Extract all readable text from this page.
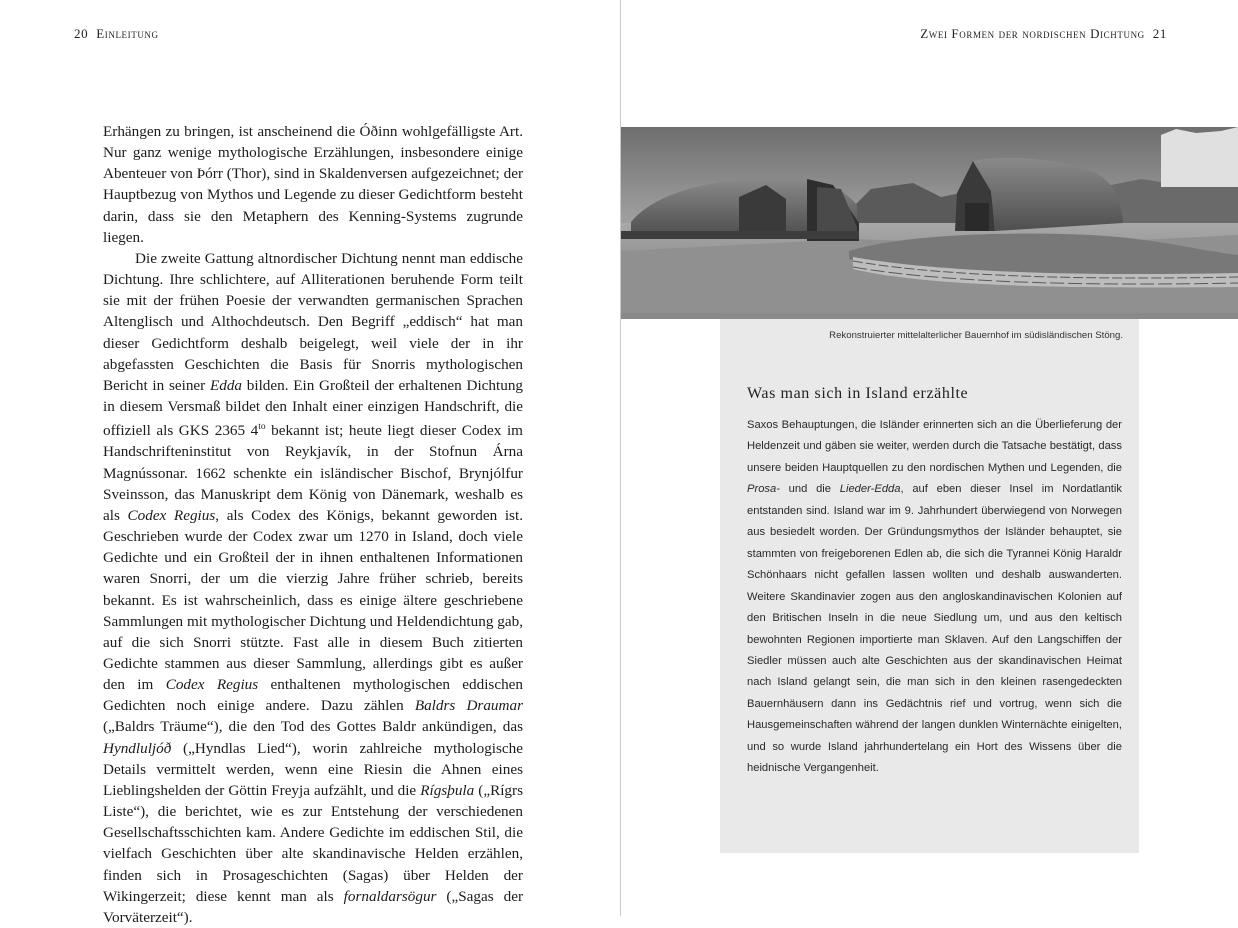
20 Einleitung

Erhängen zu bringen, ist anscheinend die Óðinn wohlgefälligste Art. Nur ganz wenige mythologische Erzählungen, insbesondere einige Abenteuer von Þórr (Thor), sind in Skaldenversen aufgezeichnet; der Hauptbezug von Mythos und Legende zu dieser Gedichtform besteht darin, dass sie den Metaphern des Kenning-Systems zugrunde liegen.

Die zweite Gattung altnordischer Dichtung nennt man eddische Dichtung. Ihre schlichtere, auf Alliterationen beruhende Form teilt sie mit der frühen Poesie der verwandten germanischen Sprachen Altenglisch und Althochdeutsch. Den Begriff „eddisch“ hat man dieser Gedichtform deshalb beigelegt, weil viele der in ihr abgefassten Geschichten die Basis für Snorris mythologischen Bericht in seiner Edda bilden. Ein Großteil der erhaltenen Dichtung in diesem Versmaß bildet den Inhalt einer einzigen Handschrift, die offiziell als GKS 2365 $4^{to}$ bekannt ist; heute liegt dieser Codex im Handschrifteninstitut von Reykjavík, in der Stofnun Árna Magnússonar. 1662 schenkte ein isländischer Bischof, Brynjólfur Sveinsson, das Manuskript dem König von Dänemark, weshalb es als Codex Regius, als Codex des Königs, bekannt geworden ist. Geschrieben wurde der Codex zwar um 1270 in Island, doch viele Gedichte und ein Großteil der in ihnen enthaltenen Informationen waren Snorri, der um die vierzig Jahre früher schrieb, bereits bekannt. Es ist wahrscheinlich, dass es einige ältere geschriebene Sammlungen mit mythologischer Dichtung und Heldendichtung gab, auf die sich Snorri stützte. Fast alle in diesem Buch zitierten Gedichte stammen aus dieser Sammlung, allerdings gibt es außer den im Codex Regius enthaltenen mythologischen eddischen Gedichten noch einige andere. Dazu zählen Baldrs Draumar („Baldrs Träume“), die den Tod des Gottes Baldr ankündigen, das Hyndluljóð („Hyndlas Lied“), worin zahlreiche mythologische Details vermittelt werden, wenn eine Riesin die Ahnen eines Lieblingshelden der Göttin Freyja aufzählt, und die Rígsþula („Rígrs Liste“), die berichtet, wie es zur Entstehung der verschiedenen Gesellschaftsschichten kam. Andere Gedichte im eddischen Stil, die vielfach Geschichten über alte skandinavische Helden erzählen, finden sich in Prosageschichten (Sagas) über Helden der Wikingerzeit; diese kennt man als fornaldarsögur („Sagas der Vorväterzeit“).

Zwei Formen der nordischen Dichtung 21

Rekonstruierter mittelalterlicher Bauernhof im südisländischen Stöng.

Was man sich in Island erzählte

Saxos Behauptungen, die Isländer erinnerten sich an die Überlieferung der Heldenzeit und gäben sie weiter, werden durch die Tatsache bestätigt, dass unsere beiden Hauptquellen zu den nordischen Mythen und Legenden, die Prosa- und die Lieder-Edda, auf eben dieser Insel im Nordatlantik entstanden sind. Island war im 9. Jahrhundert überwiegend von Norwegen aus besiedelt worden. Der Gründungsmythos der Isländer behauptet, sie stammten von freigeborenen Edlen ab, die sich die Tyrannei König Haraldr Schönhaars nicht gefallen lassen wollten und deshalb auswanderten. Weitere Skandinavier zogen aus den angloskandinavischen Kolonien auf den Britischen Inseln in die neue Siedlung um, und aus den keltisch bewohnten Regionen importierte man Sklaven. Auf den Langschiffen der Siedler müssen auch alte Geschichten aus der skandinavischen Heimat nach Island gelangt sein, die man sich in den kleinen rasengedeckten Bauernhäusern dann ins Gedächtnis rief und vortrug, wenn sich die Hausgemeinschaften während der langen dunklen Winternächte einigelten, und so wurde Island jahrhundertelang ein Hort des Wissens über die heidnische Vergangenheit.
